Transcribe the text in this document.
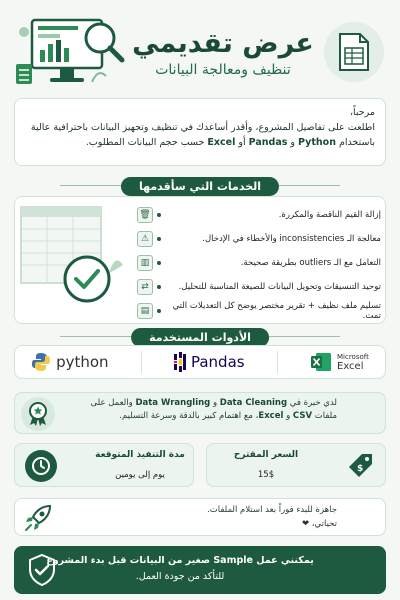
عرض تقديمي
تنظيف ومعالجة البيانات
مرحباً،
اطلعت على تفاصيل المشروع، وأقدر أساعدك في تنظيف وتجهيز البيانات باحترافية عالية
باستخدام Python و Pandas أو Excel حسب حجم البيانات المطلوب.
الخدمات التي سأقدمها
🗑	إزالة القيم الناقصة والمكررة.
⚠	معالجة الـ inconsistencies والأخطاء في الإدخال.
▥	التعامل مع الـ outliers بطريقة صحيحة.
⇄	توحيد التنسيقات وتحويل البيانات للصيغة المناسبة للتحليل.
▤	تسليم ملف نظيف + تقرير مختصر يوضح كل التعديلات التي تمت.
الأدوات المستخدمة
python	Pandas	Microsoft
Excel
لدي خبرة في Data Cleaning و Data Wrangling والعمل على
ملفات CSV و Excel، مع اهتمام كبير بالدقة وسرعة التسليم.
مدة التنفيذ المتوقعة
يوم إلى يومين
$
السعر المقترح
15$
جاهزة للبدء فوراً بعد استلام الملفات.
تحياتي، ❤
يمكنني عمل Sample صغير من البيانات قبل بدء المشروع
للتأكد من جودة العمل.
